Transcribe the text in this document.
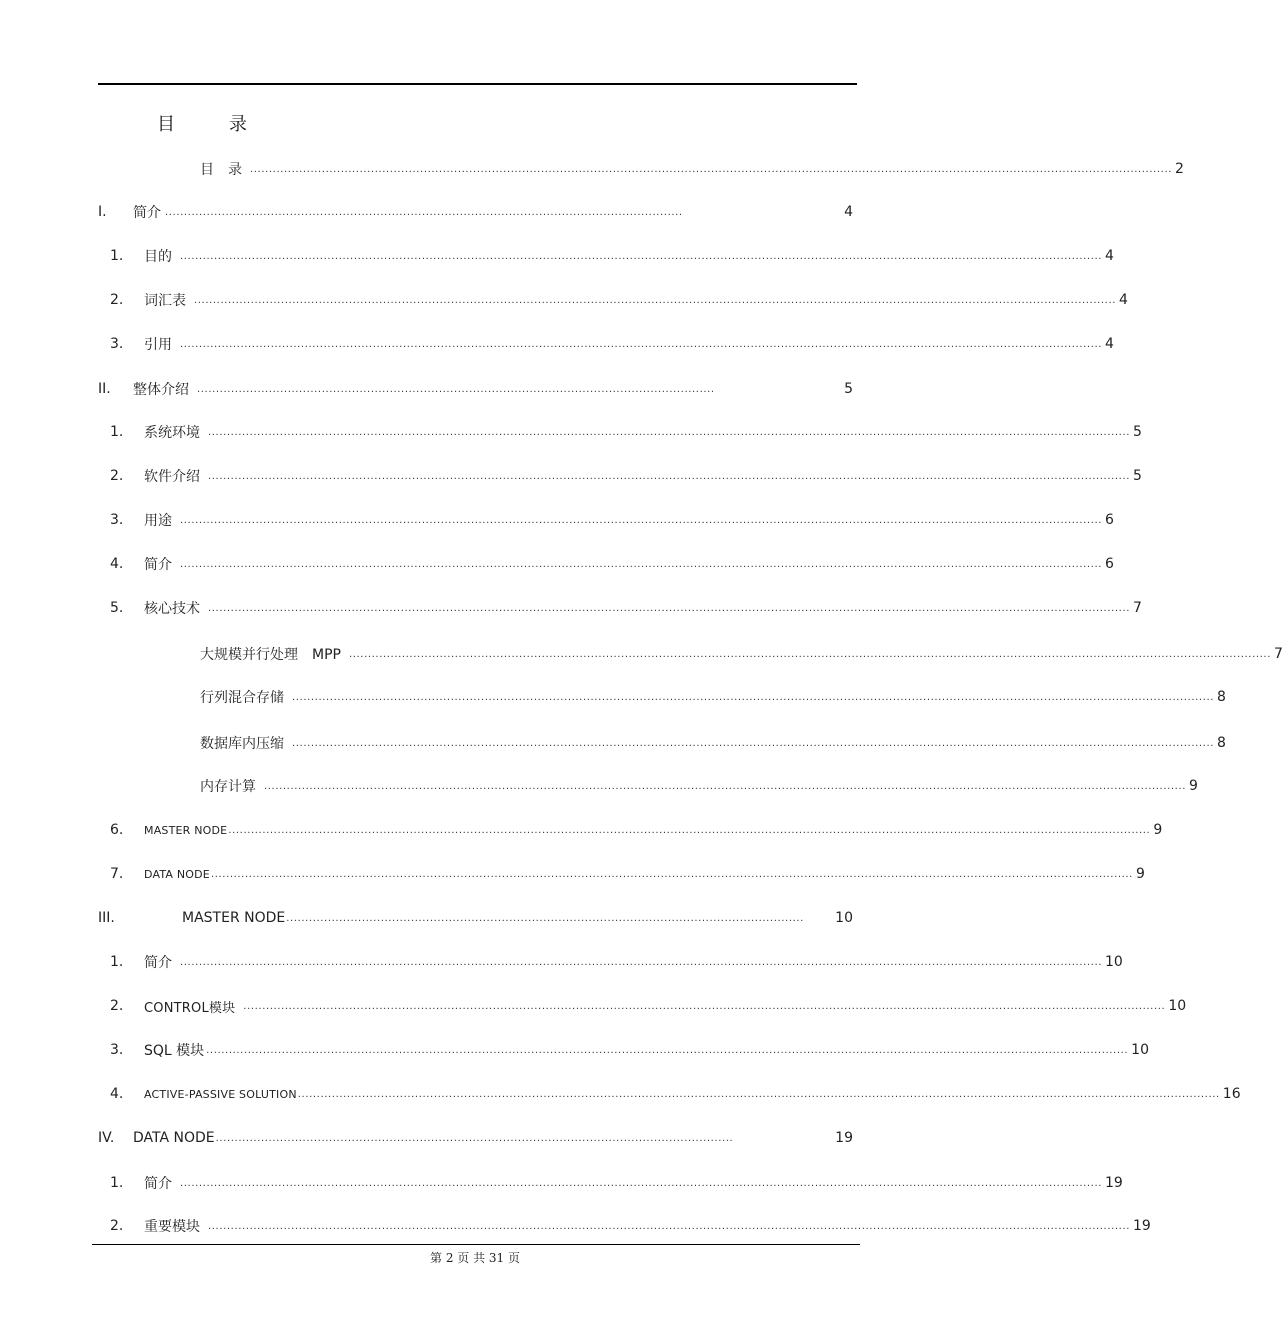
目　录
目　录 .................................................................................................................................................................................................................................................... 2
I. 简介 .........................................................................................................................................	4
1. 目的 .................................................................................................................................................................................................................................................... 4
2. 词汇表 .................................................................................................................................................................................................................................................... 4
3. 引用 .................................................................................................................................................................................................................................................... 4
II. 整体介绍 .........................................................................................................................................	5
1. 系统环境 .................................................................................................................................................................................................................................................... 5
2. 软件介绍 .................................................................................................................................................................................................................................................... 5
3. 用途 .................................................................................................................................................................................................................................................... 6
4. 简介 .................................................................................................................................................................................................................................................... 6
5. 核心技术 .................................................................................................................................................................................................................................................... 7
大规模并行处理　MPP .................................................................................................................................................................................................................................................... 7
行列混合存储 .................................................................................................................................................................................................................................................... 8
数据库内压缩 .................................................................................................................................................................................................................................................... 8
内存计算 .................................................................................................................................................................................................................................................... 9
6. MASTER NODE .................................................................................................................................................................................................................................................... 9
7. DATA NODE .................................................................................................................................................................................................................................................... 9
III.	MASTER NODE ......................................................................................................................................... 10
1. 简介 .................................................................................................................................................................................................................................................... 10
2. CONTROL模块 .................................................................................................................................................................................................................................................... 10
3. SQL 模块 .................................................................................................................................................................................................................................................... 10
4. ACTIVE-PASSIVE SOLUTION .................................................................................................................................................................................................................................................... 16
IV. DATA NODE .........................................................................................................................................	19
1. 简介 .................................................................................................................................................................................................................................................... 19
2. 重要模块 .................................................................................................................................................................................................................................................... 19
第 2 页 共 31 页
